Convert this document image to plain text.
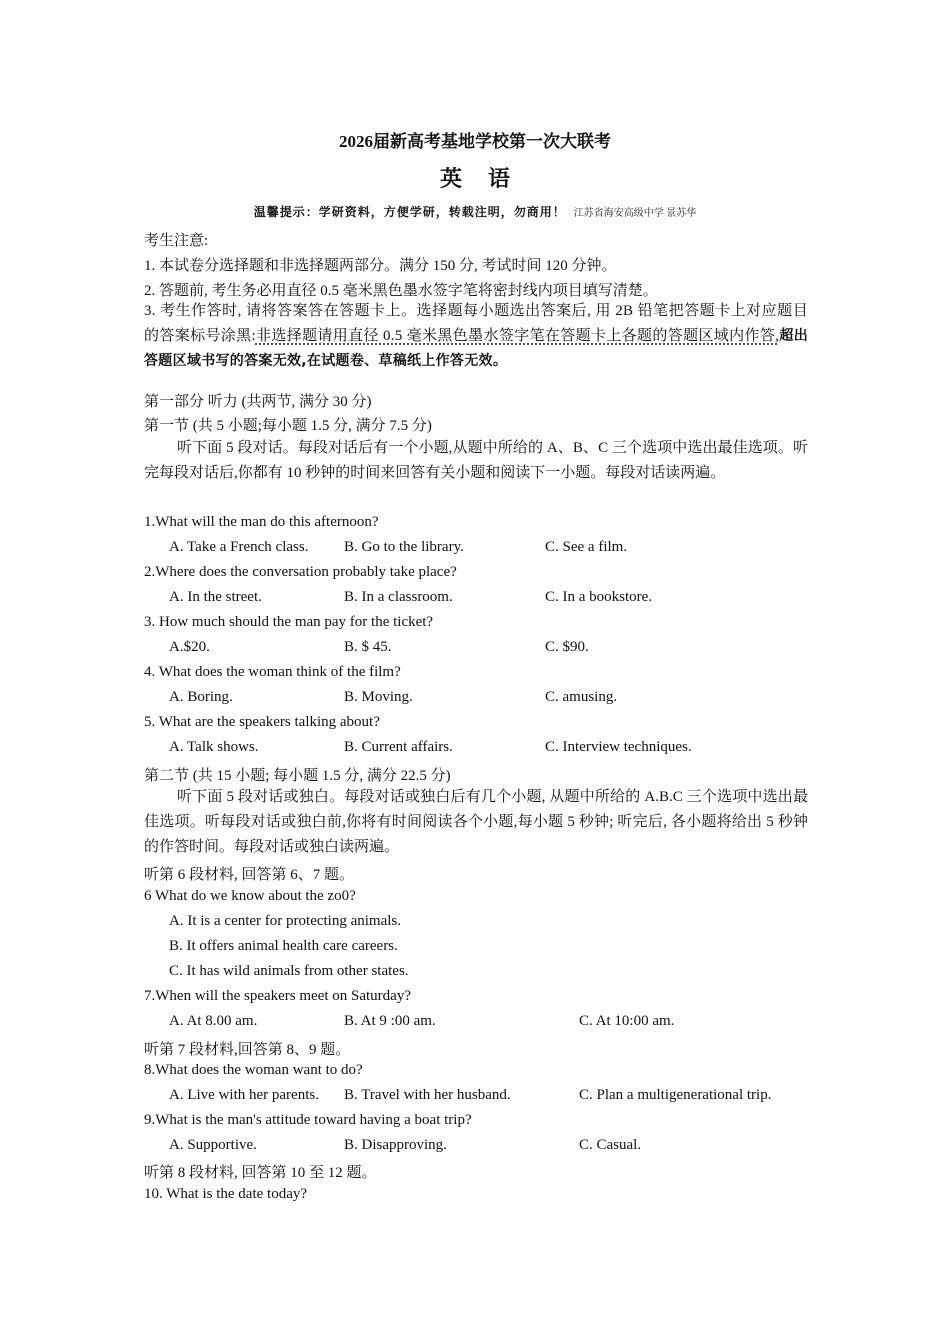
2026届新高考基地学校第一次大联考
英语
温馨提示：学研资料，方便学研，转载注明，勿商用！ 江苏省海安高级中学 景苏华
考生注意:
1. 本试卷分选择题和非选择题两部分。满分 150 分, 考试时间 120 分钟。
2. 答题前, 考生务必用直径 0.5 毫米黑色墨水签字笔将密封线内项目填写清楚。
3. 考生作答时, 请将答案答在答题卡上。选择题每小题选出答案后, 用 2B 铅笔把答题卡上对应题目的答案标号涂黑:非选择题请用直径 0.5 毫米黑色墨水签字笔在答题卡上各题的答题区域内作答,超出答题区域书写的答案无效,在试题卷、草稿纸上作答无效。
第一部分 听力 (共两节, 满分 30 分)
第一节 (共 5 小题;每小题 1.5 分, 满分 7.5 分)
听下面 5 段对话。每段对话后有一个小题,从题中所给的 A、B、C 三个选项中选出最佳选项。听完每段对话后,你都有 10 秒钟的时间来回答有关小题和阅读下一小题。每段对话读两遍。
1.What will the man do this afternoon?
A. Take a French class. B. Go to the library.	C. See a film.
2.Where does the conversation probably take place?
A. In the street.	B. In a classroom.	C. In a bookstore.
3. How much should the man pay for the ticket?
A.$20.	B. $ 45.	C. $90.
4. What does the woman think of the film?
A. Boring.	B. Moving.	C. amusing.
5. What are the speakers talking about?
A. Talk shows.	B. Current affairs.	C. Interview techniques.
第二节 (共 15 小题; 每小题 1.5 分, 满分 22.5 分)
听下面 5 段对话或独白。每段对话或独白后有几个小题, 从题中所给的 A.B.C 三个选项中选出最佳选项。听每段对话或独白前,你将有时间阅读各个小题,每小题 5 秒钟; 听完后, 各小题将给出 5 秒钟的作答时间。每段对话或独白读两遍。
听第 6 段材料, 回答第 6、7 题。
6 What do we know about the zo0?
A. It is a center for protecting animals.
B. It offers animal health care careers.
C. It has wild animals from other states.
7.When will the speakers meet on Saturday?
A. At 8.00 am.	B. At 9 :00 am.	C. At 10:00 am.
听第 7 段材料,回答第 8、9 题。
8.What does the woman want to do?
A. Live with her parents. B. Travel with her husband.	C. Plan a multigenerational trip.
9.What is the man's attitude toward having a boat trip?
A. Supportive.	B. Disapproving.	C. Casual.
听第 8 段材料, 回答第 10 至 12 题。
10. What is the date today?
